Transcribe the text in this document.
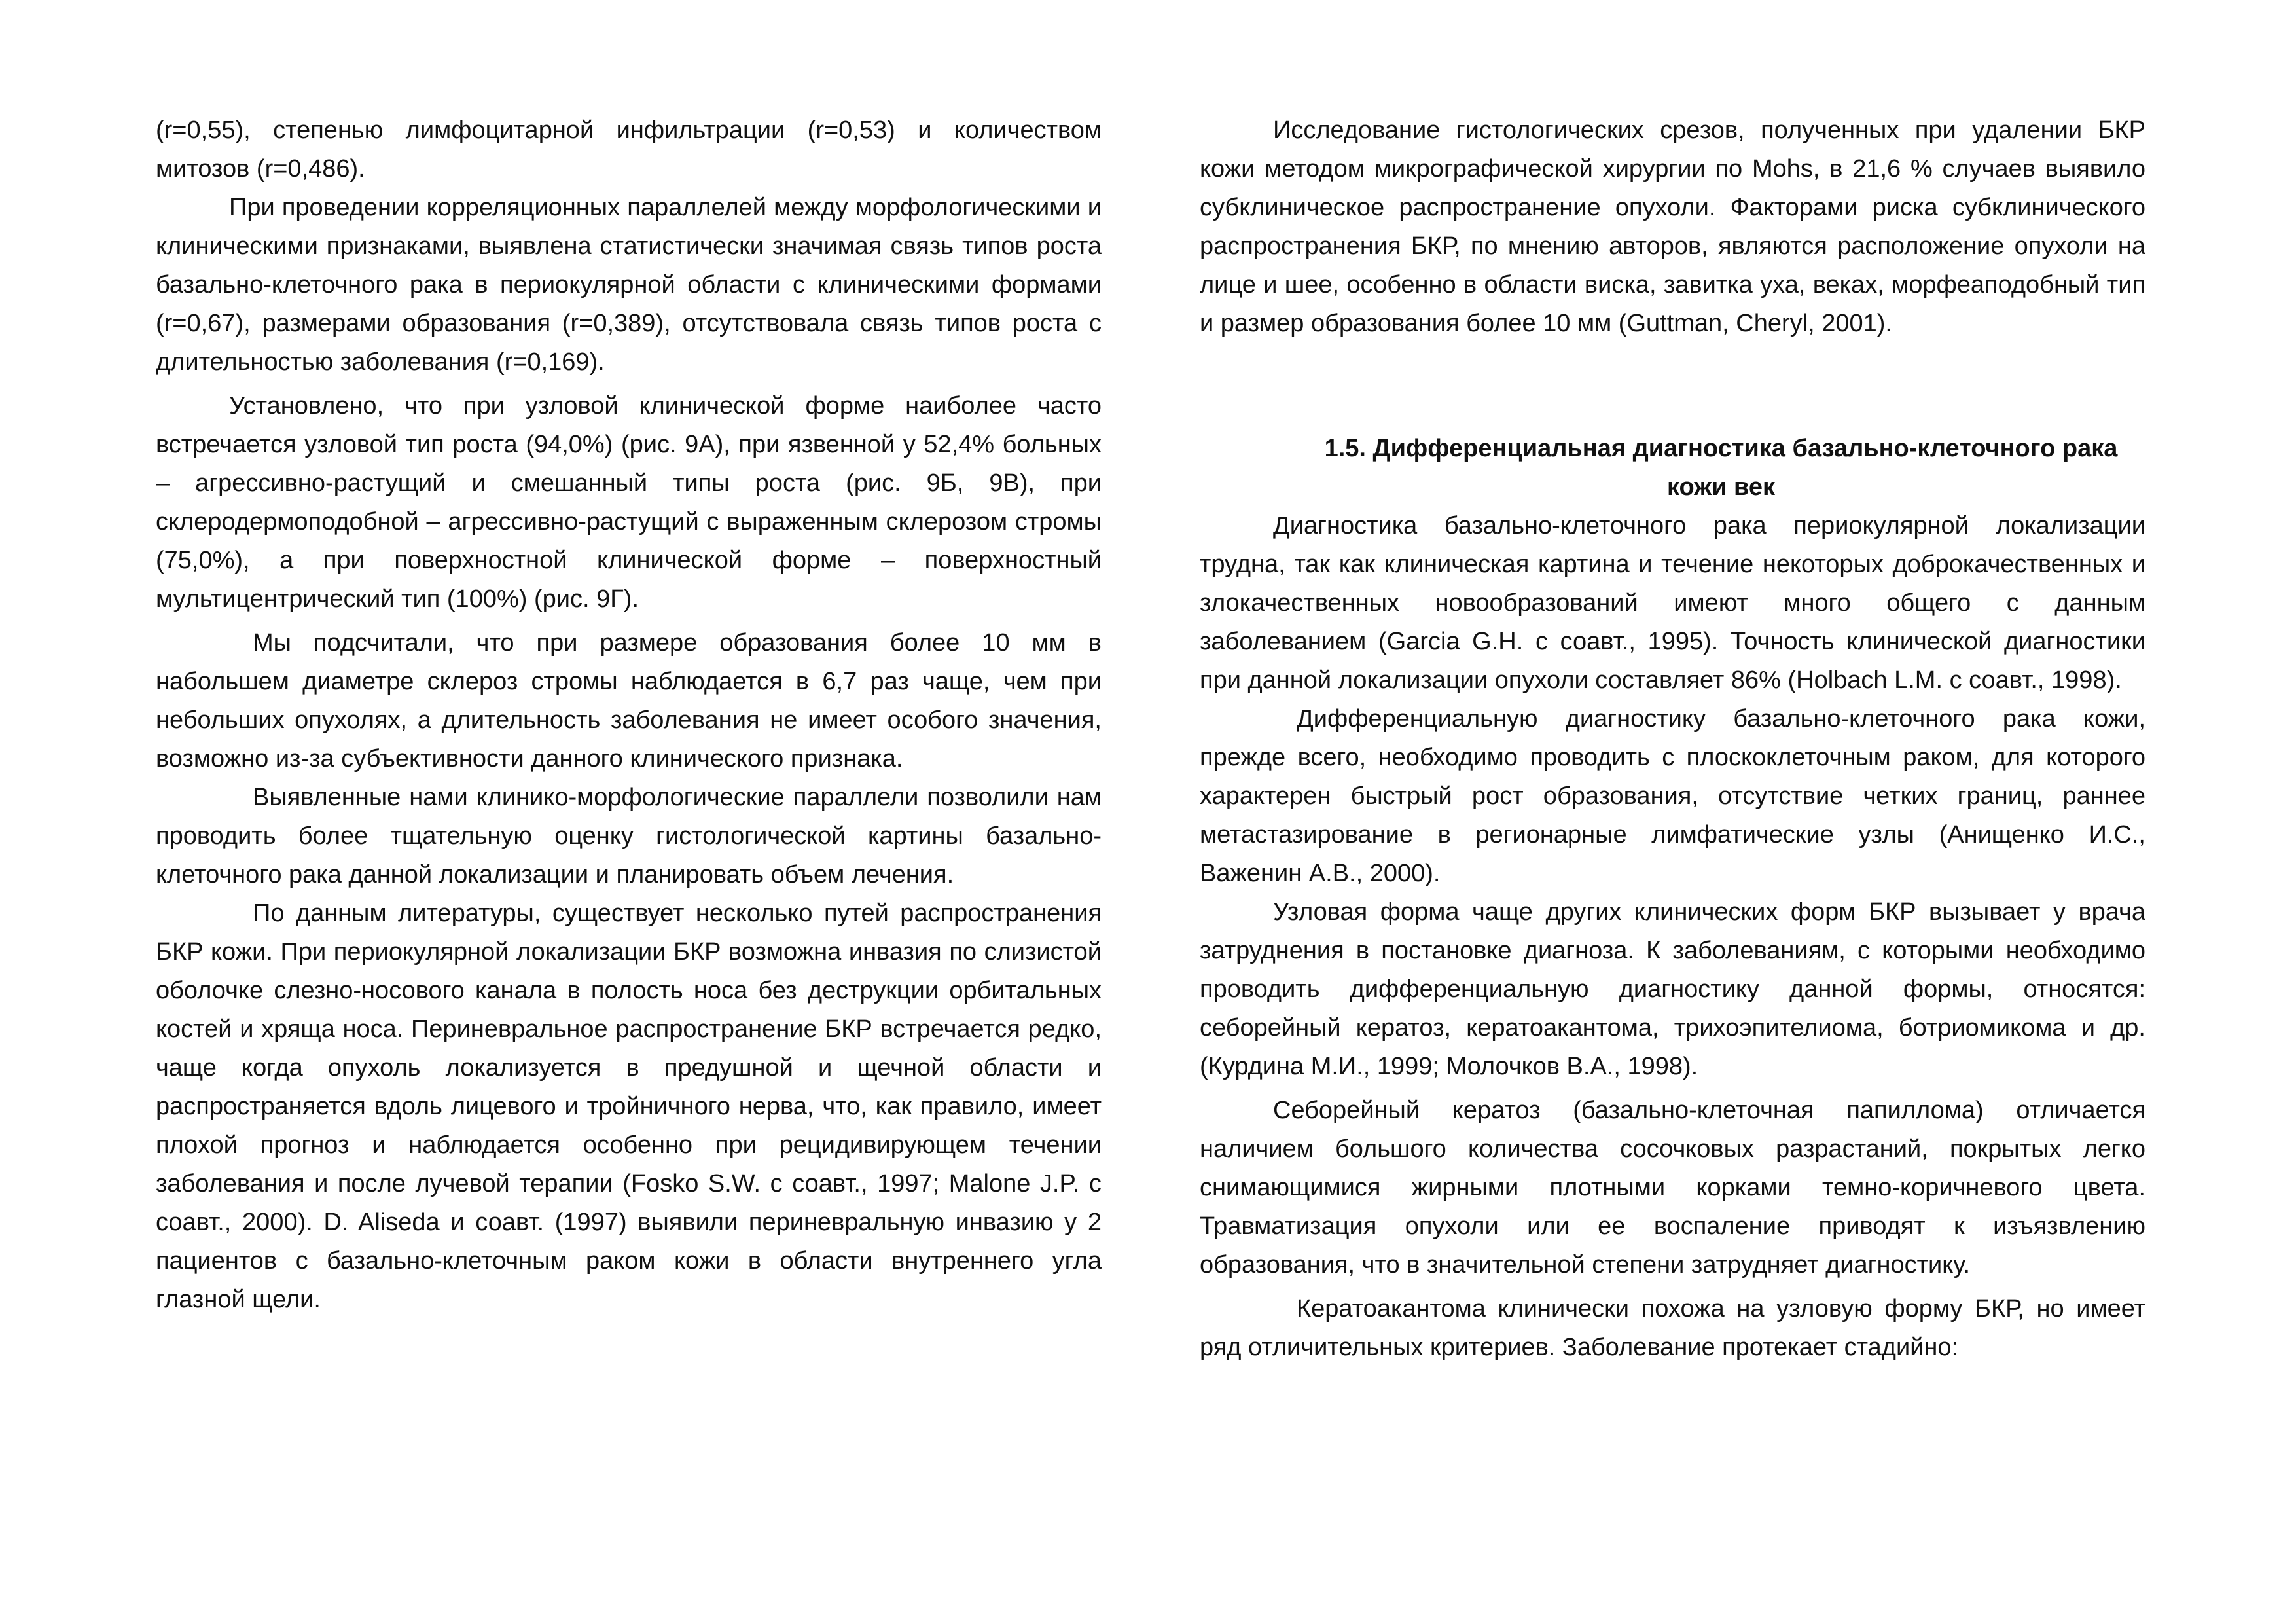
(r=0,55), степенью лимфоцитарной инфильтрации (r=0,53) и количеством митозов (r=0,486).

При проведении корреляционных параллелей между морфологическими и клиническими признаками, выявлена статистически значимая связь типов роста базально-клеточного рака в периокулярной области с клиническими формами (r=0,67), размерами образования (r=0,389), отсутствовала связь типов роста с длительностью заболевания (r=0,169).

Установлено, что при узловой клинической форме наиболее часто встречается узловой тип роста (94,0%) (рис. 9А), при язвенной у 52,4% больных – агрессивно-растущий и смешанный типы роста (рис. 9Б, 9В), при склеродермоподобной – агрессивно-растущий с выраженным склерозом стромы (75,0%), а при поверхностной клинической форме – поверхностный мультицентрический тип (100%) (рис. 9Г).

Мы подсчитали, что при размере образования более 10 мм в набольшем диаметре склероз стромы наблюдается в 6,7 раз чаще, чем при небольших опухолях, а длительность заболевания не имеет особого значения, возможно из-за субъективности данного клинического признака.

Выявленные нами клинико-морфологические параллели позволили нам проводить более тщательную оценку гистологической картины базально-клеточного рака данной локализации и планировать объем лечения.

По данным литературы, существует несколько путей распространения БКР кожи. При периокулярной локализации БКР возможна инвазия по слизистой оболочке слезно-носового канала в полость носа без деструкции орбитальных костей и хряща носа. Периневральное распространение БКР встречается редко, чаще когда опухоль локализуется в предушной и щечной области и распространяется вдоль лицевого и тройничного нерва, что, как правило, имеет плохой прогноз и наблюдается особенно при рецидивирующем течении заболевания и после лучевой терапии (Fosko S.W. с соавт., 1997; Malone J.P. с соавт., 2000). D. Aliseda и соавт. (1997) выявили периневральную инвазию у 2 пациентов с базально-клеточным раком кожи в области внутреннего угла глазной щели.

Исследование гистологических срезов, полученных при удалении БКР кожи методом микрографической хирургии по Mohs, в 21,6 % случаев выявило субклиническое распространение опухоли. Факторами риска субклинического распространения БКР, по мнению авторов, являются расположение опухоли на лице и шее, особенно в области виска, завитка уха, веках, морфеаподобный тип и размер образования более 10 мм (Guttman, Cheryl, 2001).

1.5. Дифференциальная диагностика базально-клеточного рака кожи век

Диагностика базально-клеточного рака периокулярной локализации трудна, так как клиническая картина и течение некоторых доброкачественных и злокачественных новообразований имеют много общего с данным заболеванием (Garcia G.H. с соавт., 1995). Точность клинической диагностики при данной локализации опухоли составляет 86% (Holbach L.M. с соавт., 1998).

Дифференциальную диагностику базально-клеточного рака кожи, прежде всего, необходимо проводить с плоскоклеточным раком, для которого характерен быстрый рост образования, отсутствие четких границ, раннее метастазирование в регионарные лимфатические узлы (Анищенко И.С., Важенин А.В., 2000).

Узловая форма чаще других клинических форм БКР вызывает у врача затруднения в постановке диагноза. К заболеваниям, с которыми необходимо проводить дифференциальную диагностику данной формы, относятся: себорейный кератоз, кератоакантома, трихоэпителиома, ботриомикома и др. (Курдина М.И., 1999; Молочков В.А., 1998).

Себорейный кератоз (базально-клеточная папиллома) отличается наличием большого количества сосочковых разрастаний, покрытых легко снимающимися жирными плотными корками темно-коричневого цвета. Травматизация опухоли или ее воспаление приводят к изъязвлению образования, что в значительной степени затрудняет диагностику.

Кератоакантома клинически похожа на узловую форму БКР, но имеет ряд отличительных критериев. Заболевание протекает стадийно:
